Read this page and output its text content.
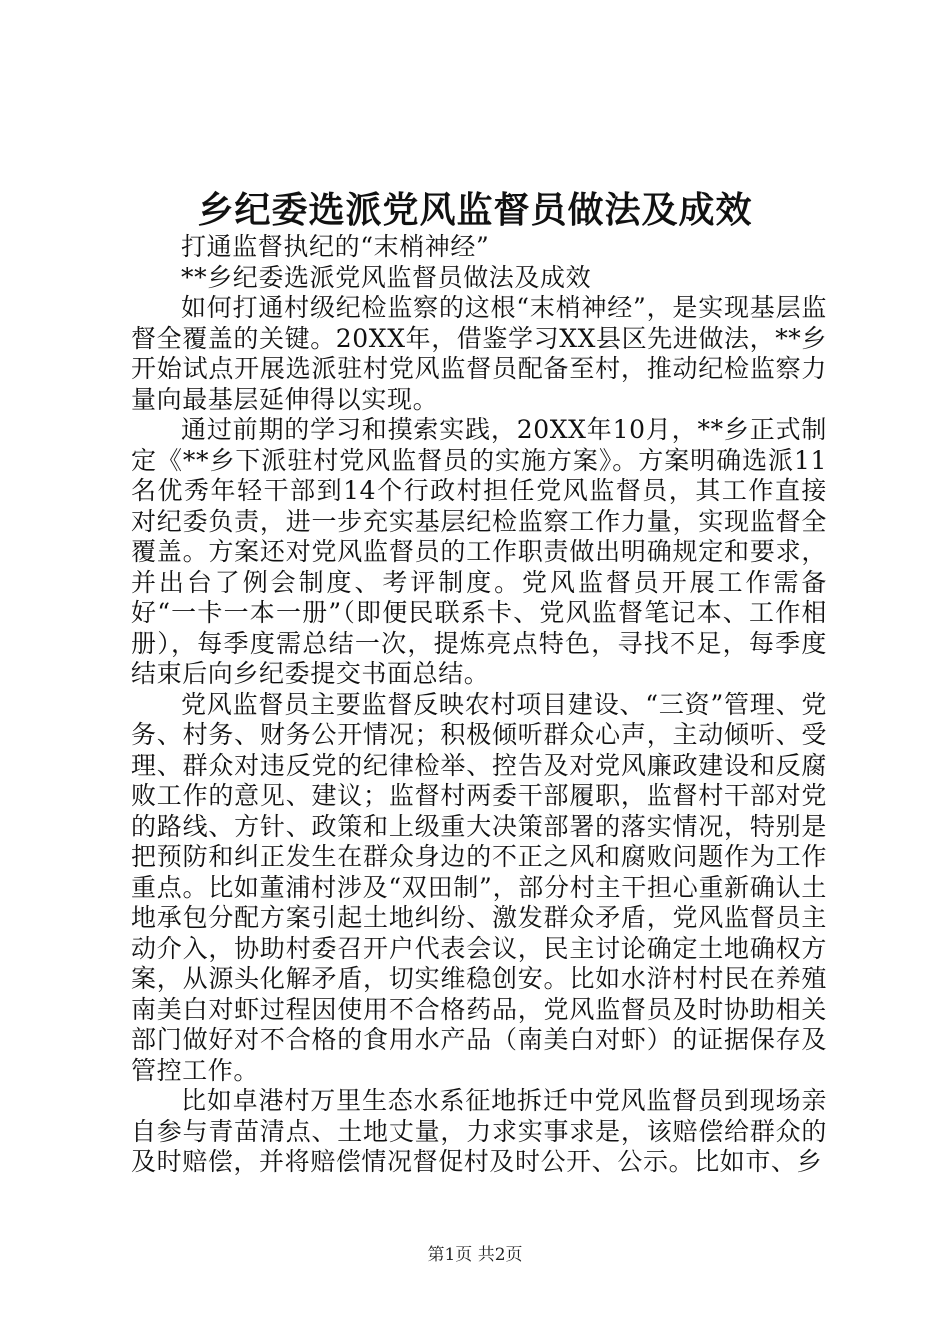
乡纪委选派党风监督员做法及成效

打通监督执纪的“末梢神经”

**乡纪委选派党风监督员做法及成效

如何打通村级纪检监察的这根“末梢神经”，是实现基层监督全覆盖的关键。20XX年，借鉴学习XX县区先进做法，**乡开始试点开展选派驻村党风监督员配备至村，推动纪检监察力量向最基层延伸得以实现。

通过前期的学习和摸索实践，20XX年10月，**乡正式制定《**乡下派驻村党风监督员的实施方案》。方案明确选派11名优秀年轻干部到14个行政村担任党风监督员，其工作直接对纪委负责，进一步充实基层纪检监察工作力量，实现监督全覆盖。方案还对党风监督员的工作职责做出明确规定和要求，并出台了例会制度、考评制度。党风监督员开展工作需备好“一卡一本一册”（即便民联系卡、党风监督笔记本、工作相册），每季度需总结一次，提炼亮点特色，寻找不足，每季度结束后向乡纪委提交书面总结。

党风监督员主要监督反映农村项目建设、“三资”管理、党务、村务、财务公开情况；积极倾听群众心声，主动倾听、受理、群众对违反党的纪律检举、控告及对党风廉政建设和反腐败工作的意见、建议；监督村两委干部履职，监督村干部对党的路线、方针、政策和上级重大决策部署的落实情况，特别是把预防和纠正发生在群众身边的不正之风和腐败问题作为工作重点。比如董浦村涉及“双田制”，部分村主干担心重新确认土地承包分配方案引起土地纠纷、激发群众矛盾，党风监督员主动介入，协助村委召开户代表会议，民主讨论确定土地确权方案，从源头化解矛盾，切实维稳创安。比如水浒村村民在养殖南美白对虾过程因使用不合格药品，党风监督员及时协助相关部门做好对不合格的食用水产品（南美白对虾）的证据保存及管控工作。

比如卓港村万里生态水系征地拆迁中党风监督员到现场亲自参与青苗清点、土地丈量，力求实事求是，该赔偿给群众的及时赔偿，并将赔偿情况督促村及时公开、公示。比如市、乡

第1页 共2页
